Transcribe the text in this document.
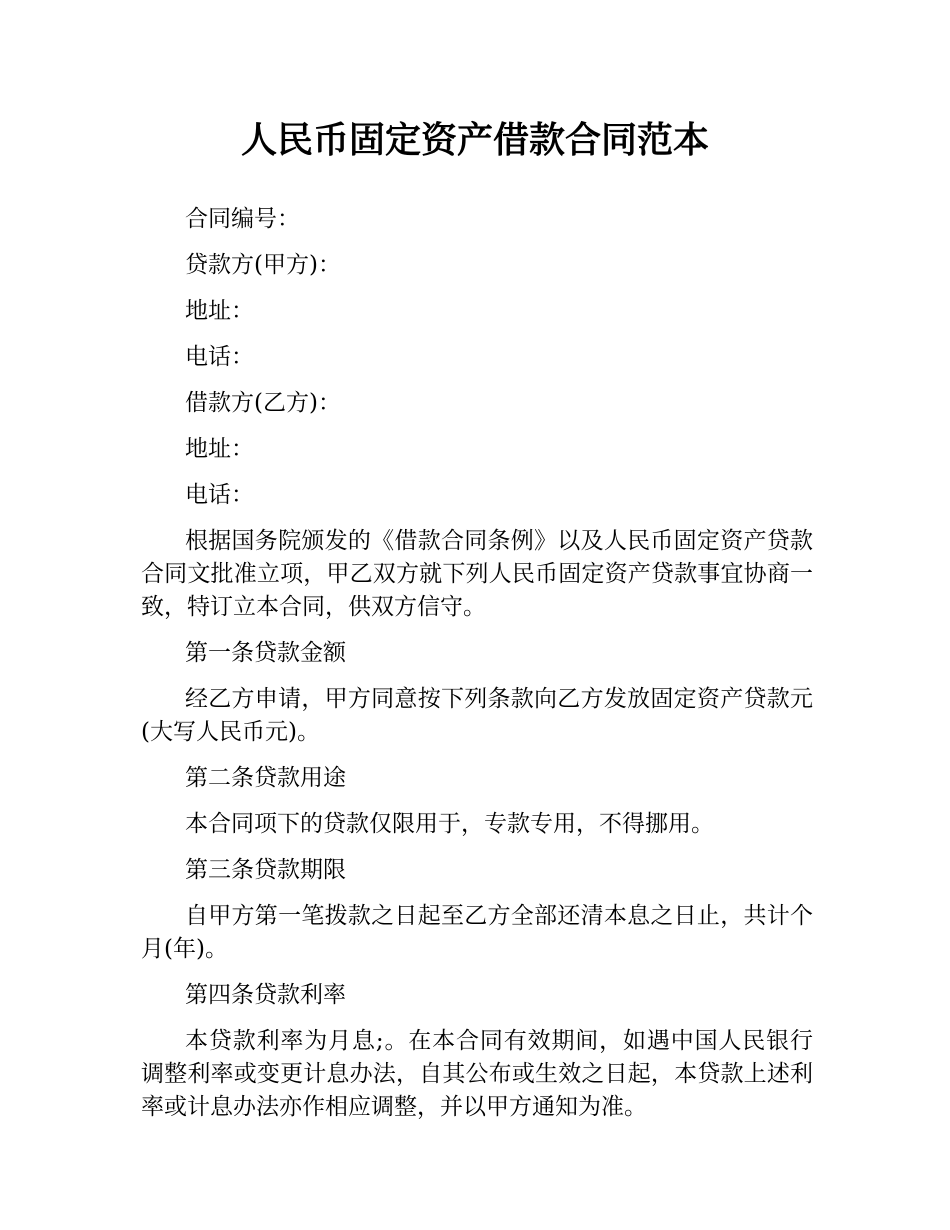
人民币固定资产借款合同范本

合同编号：

贷款方(甲方)：

地址：

电话：

借款方(乙方)：

地址：

电话：

根据国务院颁发的《借款合同条例》以及人民币固定资产贷款合同文批准立项，甲乙双方就下列人民币固定资产贷款事宜协商一致，特订立本合同，供双方信守。

第一条贷款金额

经乙方申请，甲方同意按下列条款向乙方发放固定资产贷款元(大写人民币元)。

第二条贷款用途

本合同项下的贷款仅限用于，专款专用，不得挪用。

第三条贷款期限

自甲方第一笔拨款之日起至乙方全部还清本息之日止，共计个月(年)。

第四条贷款利率

本贷款利率为月息;。在本合同有效期间，如遇中国人民银行调整利率或变更计息办法，自其公布或生效之日起，本贷款上述利率或计息办法亦作相应调整，并以甲方通知为准。
